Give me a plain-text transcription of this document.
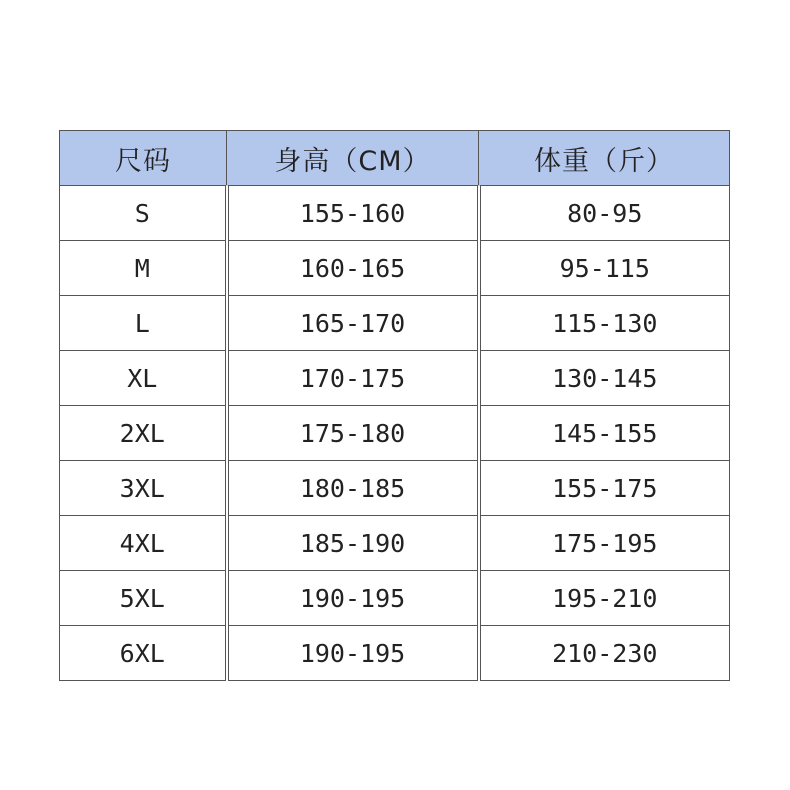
尺码	身高（CM）	体重（斤）
S	155-160	80-95
M	160-165	95-115
L	165-170	115-130
XL	170-175	130-145
2XL	175-180	145-155
3XL	180-185	155-175
4XL	185-190	175-195
5XL	190-195	195-210
6XL	190-195	210-230
